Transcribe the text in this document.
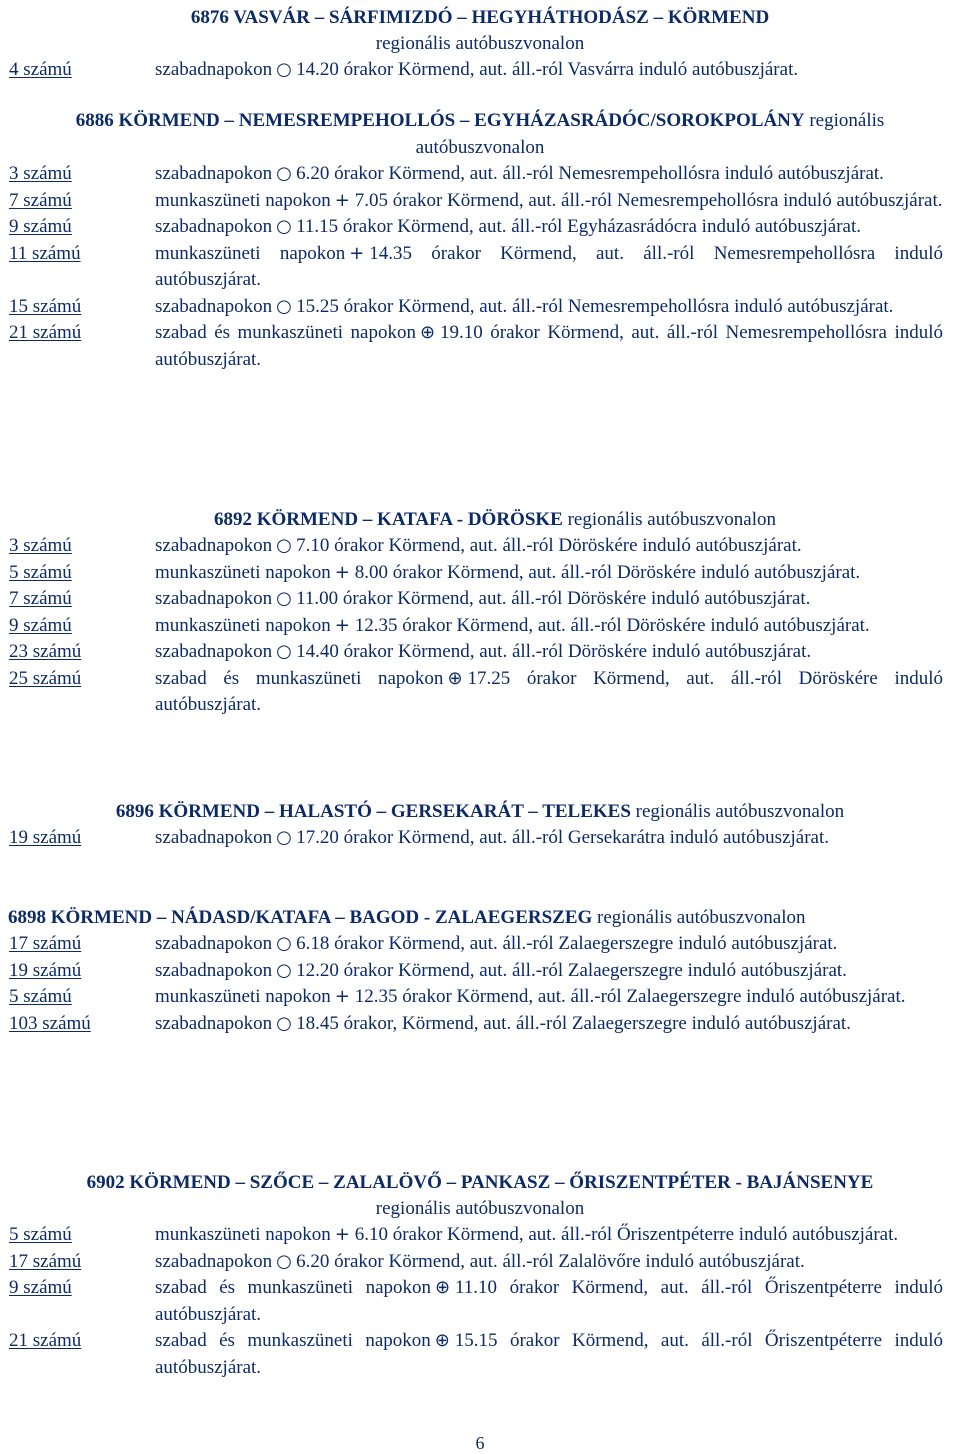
6876 VASVÁR – SÁRFIMIZDÓ – HEGYHÁTHODÁSZ – KÖRMEND
regionális autóbuszvonalon
4 számú	szabadnapokon ○ 14.20 órakor Körmend, aut. áll.-ról Vasvárra induló autóbuszjárat.
6886 KÖRMEND – NEMESREMPEHOLLÓS – EGYHÁZASRÁDÓC/SOROKPOLÁNY regionális autóbuszvonalon
3 számú	szabadnapokon ○ 6.20 órakor Körmend, aut. áll.-ról Nemesrempehollósra induló autóbuszjárat.
7 számú	munkaszüneti napokon + 7.05 órakor Körmend, aut. áll.-ról Nemesrempehollósra induló autóbuszjárat.
9 számú	szabadnapokon ○ 11.15 órakor Körmend, aut. áll.-ról Egyházasrádócra induló autóbuszjárat.
11 számú	munkaszüneti napokon + 14.35 órakor Körmend, aut. áll.-ról Nemesrempehollósra induló autóbuszjárat.
15 számú	szabadnapokon ○ 15.25 órakor Körmend, aut. áll.-ról Nemesrempehollósra induló autóbuszjárat.
21 számú	szabad és munkaszüneti napokon ⊕ 19.10 órakor Körmend, aut. áll.-ról Nemesrempehollósra induló autóbuszjárat.
6892 KÖRMEND – KATAFA - DÖRÖSKE regionális autóbuszvonalon
3 számú	szabadnapokon ○ 7.10 órakor Körmend, aut. áll.-ról Döröskére induló autóbuszjárat.
5 számú	munkaszüneti napokon + 8.00 órakor Körmend, aut. áll.-ról Döröskére induló autóbuszjárat.
7 számú	szabadnapokon ○ 11.00 órakor Körmend, aut. áll.-ról Döröskére induló autóbuszjárat.
9 számú	munkaszüneti napokon + 12.35 órakor Körmend, aut. áll.-ról Döröskére induló autóbuszjárat.
23 számú	szabadnapokon ○ 14.40 órakor Körmend, aut. áll.-ról Döröskére induló autóbuszjárat.
25 számú	szabad és munkaszüneti napokon ⊕ 17.25 órakor Körmend, aut. áll.-ról Döröskére induló autóbuszjárat.
6896 KÖRMEND – HALASTÓ – GERSEKARÁT – TELEKES regionális autóbuszvonalon
19 számú	szabadnapokon ○ 17.20 órakor Körmend, aut. áll.-ról Gersekarátra induló autóbuszjárat.
6898 KÖRMEND – NÁDASD/KATAFA – BAGOD - ZALAEGERSZEG regionális autóbuszvonalon
17 számú	szabadnapokon ○ 6.18 órakor Körmend, aut. áll.-ról Zalaegerszegre induló autóbuszjárat.
19 számú	szabadnapokon ○ 12.20 órakor Körmend, aut. áll.-ról Zalaegerszegre induló autóbuszjárat.
5 számú	munkaszüneti napokon + 12.35 órakor Körmend, aut. áll.-ról Zalaegerszegre induló autóbuszjárat.
103 számú	szabadnapokon ○ 18.45 órakor, Körmend, aut. áll.-ról Zalaegerszegre induló autóbuszjárat.
6902 KÖRMEND – SZŐCE – ZALALÖVŐ – PANKASZ – ŐRISZENTPÉTER - BAJÁNSENYE
regionális autóbuszvonalon
5 számú	munkaszüneti napokon + 6.10 órakor Körmend, aut. áll.-ról Őriszentpéterre induló autóbuszjárat.
17 számú	szabadnapokon ○ 6.20 órakor Körmend, aut. áll.-ról Zalalövőre induló autóbuszjárat.
9 számú	szabad és munkaszüneti napokon ⊕ 11.10 órakor Körmend, aut. áll.-ról Őriszentpéterre induló autóbuszjárat.
21 számú	szabad és munkaszüneti napokon ⊕ 15.15 órakor Körmend, aut. áll.-ról Őriszentpéterre induló autóbuszjárat.
6
